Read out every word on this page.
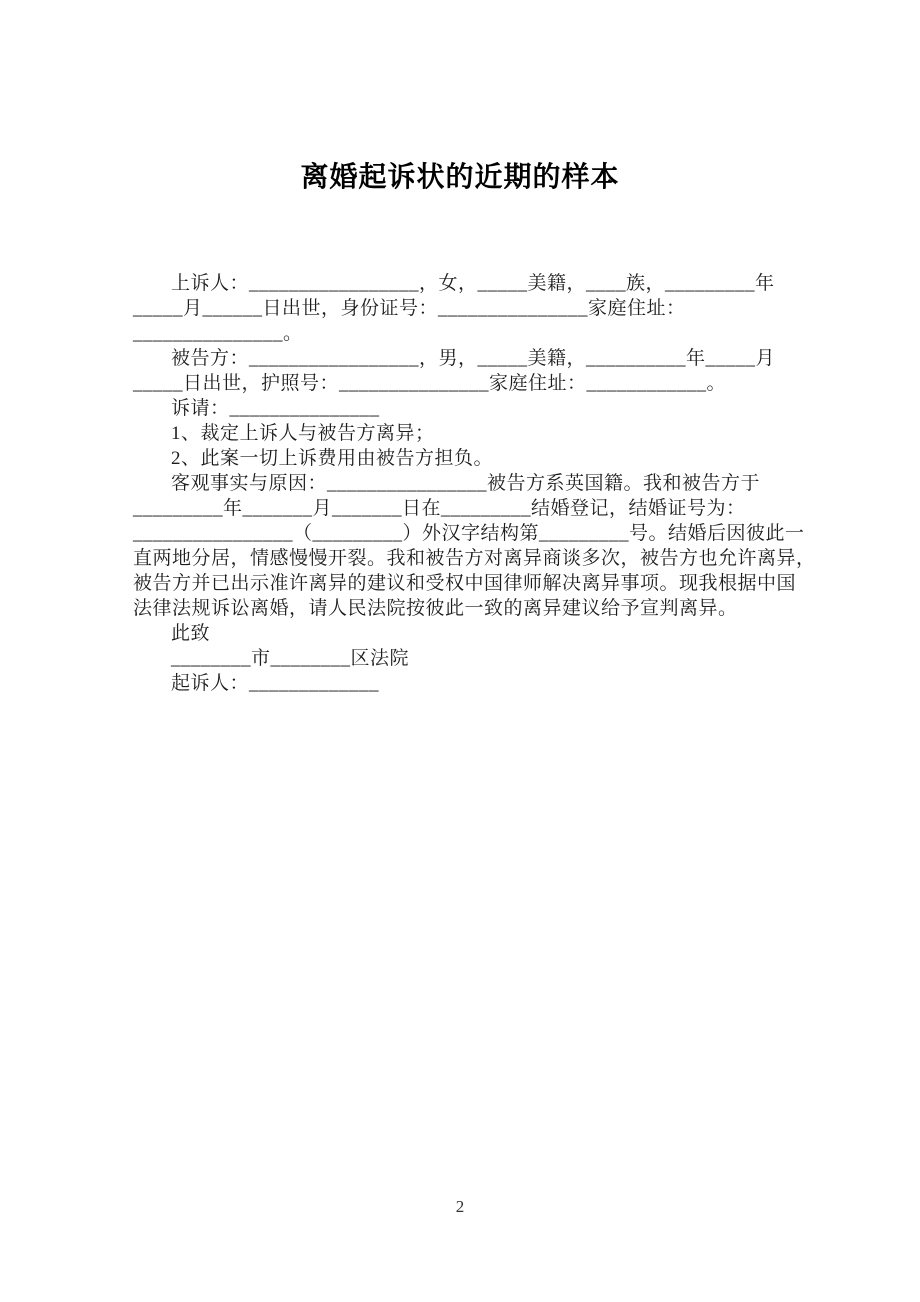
离婚起诉状的近期的样本
上诉人：_________________，女，_____美籍，____族，_________年
_____月______日出世，身份证号：_______________家庭住址：
_______________。
被告方：_________________，男，_____美籍，__________年_____月
_____日出世，护照号：_______________家庭住址：____________。
诉请：_______________
1、裁定上诉人与被告方离异；
2、此案一切上诉费用由被告方担负。
客观事实与原因：________________被告方系英国籍。我和被告方于
_________年_______月_______日在_________结婚登记，结婚证号为：
________________（_________）外汉字结构第_________号。结婚后因彼此一
直两地分居，情感慢慢开裂。我和被告方对离异商谈多次，被告方也允许离异，
被告方并已出示准许离异的建议和受权中国律师解决离异事项。现我根据中国
法律法规诉讼离婚，请人民法院按彼此一致的离异建议给予宣判离异。
此致
________市________区法院
起诉人：_____________
2
